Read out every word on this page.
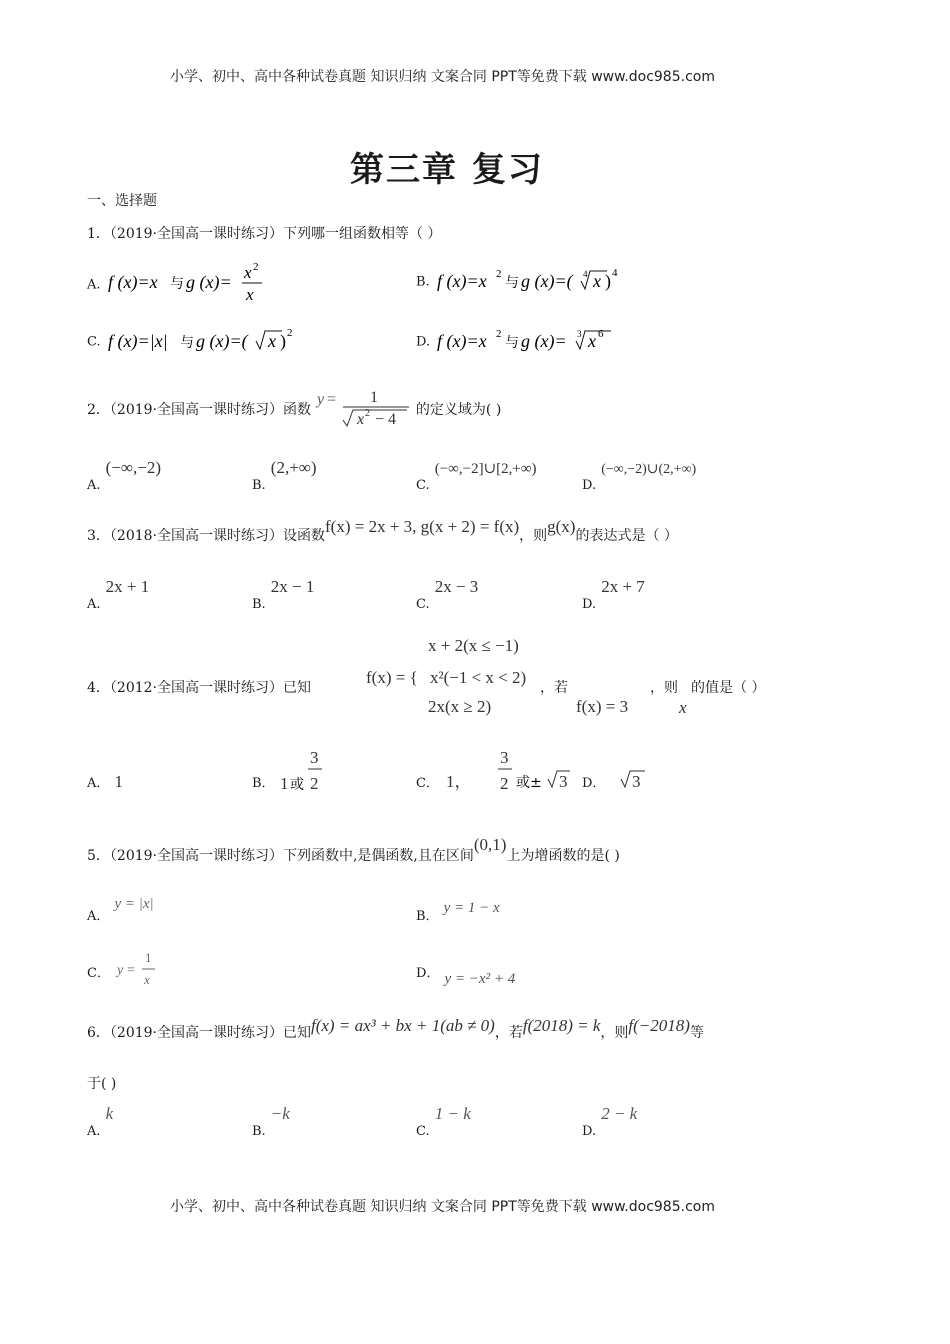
小学、初中、高中各种试卷真题 知识归纳 文案合同 PPT等免费下载 www.doc985.com
小学、初中、高中各种试卷真题 知识归纳 文案合同 PPT等免费下载 www.doc985.com
第三章 复习
一、选择题
1．（2019·全国高一课时练习）下列哪一组函数相等（ ）
A. f (x)=x 与 g (x)= x 2
x
B. f (x)=x 2
与 g (x)=( 4 x ) 4
C. f (x)=|x| 与 g (x)=( x ) 2
D. f (x)=x 2
与 g (x)= 3 x 6
2．（2019·全国高一课时练习）函数
y = 1
x 2 − 4
的定义域为( )
$_{A.}$ (−∞,−2)
$_{B.}$ (2,+∞)
$_{C.}$ (−∞,−2]∪[2,+∞)
$_{D.}$ (−∞,−2)∪(2,+∞)
3．（2018·全国高一课时练习）设函数f(x) = 2x + 3, g(x + 2) = f(x)，则g(x)的表达式是（ ）
$_{A.}$ 2x + 1
$_{B.}$ 2x − 1
$_{C.}$ 2x − 3
$_{D.}$ 2x + 7
4．（2012·全国高一课时练习）已知
f(x) = {
x + 2(x ≤ −1)
x²(−1 < x < 2)
2x(x ≥ 2)
，若
f(x) = 3
，则
x
的值是（ ）
A． 1	$_{B.}$ 1 或
3
2	$_{C.}$ 1，
3
2 或± 3 $_{D.}$ 3
5．（2019·全国高一课时练习）下列函数中,是偶函数,且在区间(0,1)上为增函数的是( )
$_{A.}$ y = |x|
$_{B.}$ y = 1 − x
$_{C.}$ y =
1
x	D． y = −x² + 4
6．（2019·全国高一课时练习）已知f(x) = ax³ + bx + 1(ab ≠ 0)，若f(2018) = k，则f(−2018)等
于( )
$_{A.}$ k
$_{B.}$ −k
$_{C.}$ 1 − k
$_{D.}$ 2 − k
